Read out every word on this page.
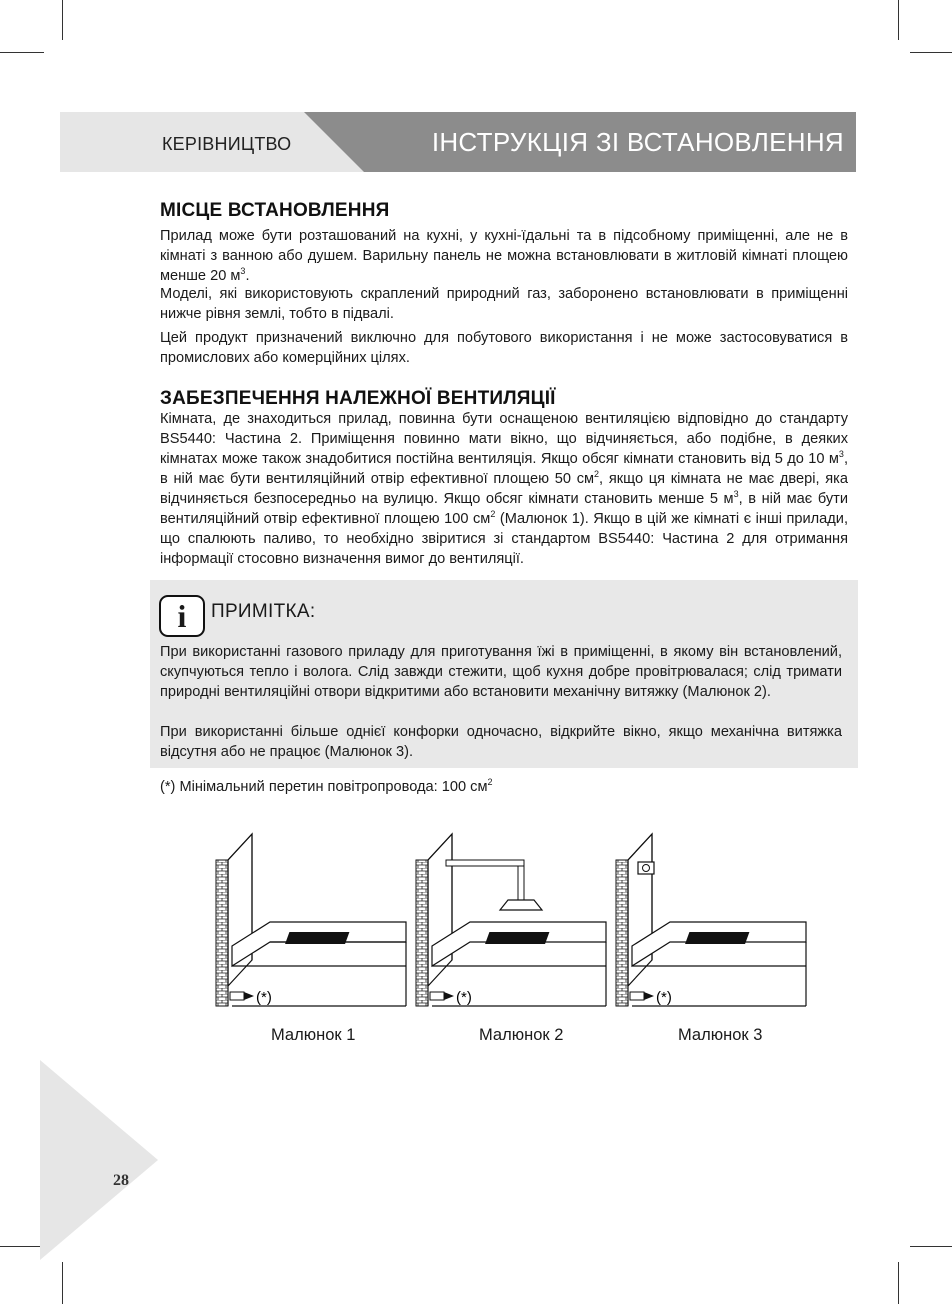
КЕРІВНИЦТВО	ІНСТРУКЦІЯ ЗІ ВСТАНОВЛЕННЯ
МІСЦЕ ВСТАНОВЛЕННЯ

Прилад може бути розташований на кухні, у кухні-їдальні та в підсобному приміщенні, але не в кімнаті з ванною або душем. Варильну панель не можна встановлювати в житловій кімнаті площею менше 20 $м^3$.

Моделі, які використовують скраплений природний газ, заборонено встановлювати в приміщенні нижче рівня землі, тобто в підвалі.

Цей продукт призначений виключно для побутового використання і не може застосовуватися в промислових або комерційних цілях.

ЗАБЕЗПЕЧЕННЯ НАЛЕЖНОЇ ВЕНТИЛЯЦІЇ

Кімната, де знаходиться прилад, повинна бути оснащеною вентиляцією відповідно до стандарту BS5440: Частина 2. Приміщення повинно мати вікно, що відчиняється, або подібне, в деяких кімнатах може також знадобитися постійна вентиляція. Якщо обсяг кімнати становить від 5 до 10 $м^3$, в ній має бути вентиляційний отвір ефективної площею 50 $см^2$, якщо ця кімната не має двері, яка відчиняється безпосередньо на вулицю. Якщо обсяг кімнати становить менше 5 $м^3$, в ній має бути вентиляційний отвір ефективної площею 100 $см^2$ (Малюнок 1). Якщо в цій же кімнаті є інші прилади, що спалюють паливо, то необхідно звіритися зі стандартом BS5440: Частина 2 для отримання інформації стосовно визначення вимог до вентиляції.

i	ПРИМІТКА:

При використанні газового приладу для приготування їжі в приміщенні, в якому він встановлений, скупчуються тепло і волога. Слід завжди стежити, щоб кухня добре провітрювалася; слід тримати природні вентиляційні отвори відкритими або встановити механічну витяжку (Малюнок 2).

При використанні більше однієї конфорки одночасно, відкрийте вікно, якщо механічна витяжка відсутня або не працює (Малюнок 3).

(*) Мінімальний перетин повітропровода: 100 $см^2$
(*)	(*)	(*)
Малюнок 1	Малюнок 2	Малюнок 3
28
